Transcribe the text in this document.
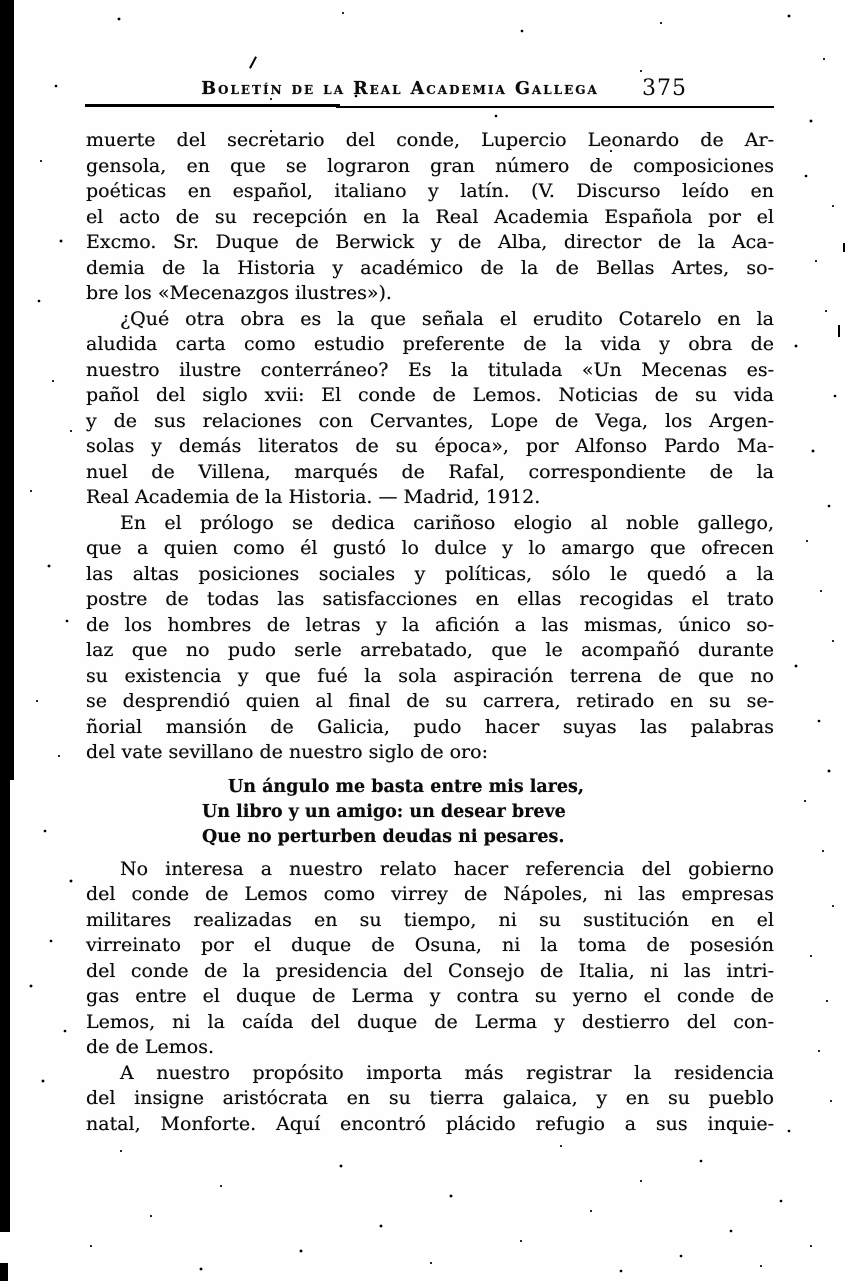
Boletín de la Real Academia Gallega	375
muerte del secretario del conde, Lupercio Leonardo de Ar-
gensola, en que se lograron gran número de composiciones
poéticas en español, italiano y latín. (V. Discurso leído en
el acto de su recepción en la Real Academia Española por el
Excmo. Sr. Duque de Berwick y de Alba, director de la Aca-
demia de la Historia y académico de la de Bellas Artes, so-
bre los «Mecenazgos ilustres»).
¿Qué otra obra es la que señala el erudito Cotarelo en la
aludida carta como estudio preferente de la vida y obra de
nuestro ilustre conterráneo? Es la titulada «Un Mecenas es-
pañol del siglo xvii: El conde de Lemos. Noticias de su vida
y de sus relaciones con Cervantes, Lope de Vega, los Argen-
solas y demás literatos de su época», por Alfonso Pardo Ma-
nuel de Villena, marqués de Rafal, correspondiente de la
Real Academia de la Historia. — Madrid, 1912.
En el prólogo se dedica cariñoso elogio al noble gallego,
que a quien como él gustó lo dulce y lo amargo que ofrecen
las altas posiciones sociales y políticas, sólo le quedó a la
postre de todas las satisfacciones en ellas recogidas el trato
de los hombres de letras y la afición a las mismas, único so-
laz que no pudo serle arrebatado, que le acompañó durante
su existencia y que fué la sola aspiración terrena de que no
se desprendió quien al final de su carrera, retirado en su se-
ñorial mansión de Galicia, pudo hacer suyas las palabras
del vate sevillano de nuestro siglo de oro:
Un ángulo me basta entre mis lares,
Un libro y un amigo: un desear breve
Que no perturben deudas ni pesares.
No interesa a nuestro relato hacer referencia del gobierno
del conde de Lemos como virrey de Nápoles, ni las empresas
militares realizadas en su tiempo, ni su sustitución en el
virreinato por el duque de Osuna, ni la toma de posesión
del conde de la presidencia del Consejo de Italia, ni las intri-
gas entre el duque de Lerma y contra su yerno el conde de
Lemos, ni la caída del duque de Lerma y destierro del con-
de de Lemos.
A nuestro propósito importa más registrar la residencia
del insigne aristócrata en su tierra galaica, y en su pueblo
natal, Monforte. Aquí encontró plácido refugio a sus inquie-
